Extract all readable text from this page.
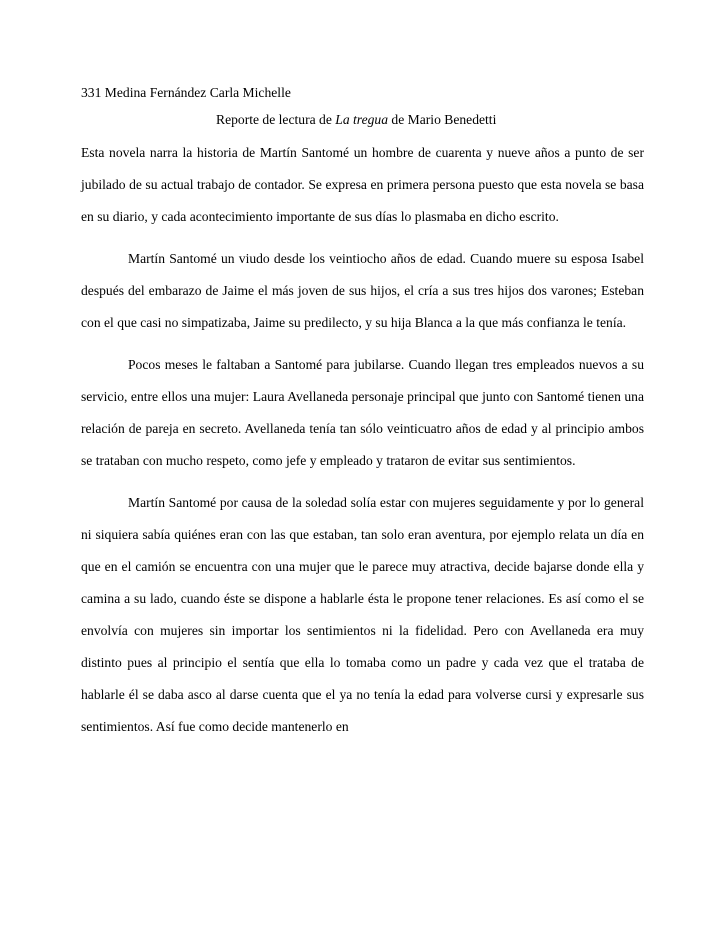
331 Medina Fernández Carla Michelle
Reporte de lectura de La tregua de Mario Benedetti

Esta novela narra la historia de Martín Santomé un hombre de cuarenta y nueve años a punto de ser jubilado de su actual trabajo de contador. Se expresa en primera persona puesto que esta novela se basa en su diario, y cada acontecimiento importante de sus días lo plasmaba en dicho escrito.

Martín Santomé un viudo desde los veintiocho años de edad. Cuando muere su esposa Isabel después del embarazo de Jaime el más joven de sus hijos, el cría a sus tres hijos dos varones; Esteban con el que casi no simpatizaba, Jaime su predilecto, y su hija Blanca a la que más confianza le tenía.

Pocos meses le faltaban a Santomé para jubilarse. Cuando llegan tres empleados nuevos a su servicio, entre ellos una mujer: Laura Avellaneda personaje principal que junto con Santomé tienen una relación de pareja en secreto. Avellaneda tenía tan sólo veinticuatro años de edad y al principio ambos se trataban con mucho respeto, como jefe y empleado y trataron de evitar sus sentimientos.

Martín Santomé por causa de la soledad solía estar con mujeres seguidamente y por lo general ni siquiera sabía quiénes eran con las que estaban, tan solo eran aventura, por ejemplo relata un día en que en el camión se encuentra con una mujer que le parece muy atractiva, decide bajarse donde ella y camina a su lado, cuando éste se dispone a hablarle ésta le propone tener relaciones. Es así como el se envolvía con mujeres sin importar los sentimientos ni la fidelidad. Pero con Avellaneda era muy distinto pues al principio el sentía que ella lo tomaba como un padre y cada vez que el trataba de hablarle él se daba asco al darse cuenta que el ya no tenía la edad para volverse cursi y expresarle sus sentimientos. Así fue como decide mantenerlo en
